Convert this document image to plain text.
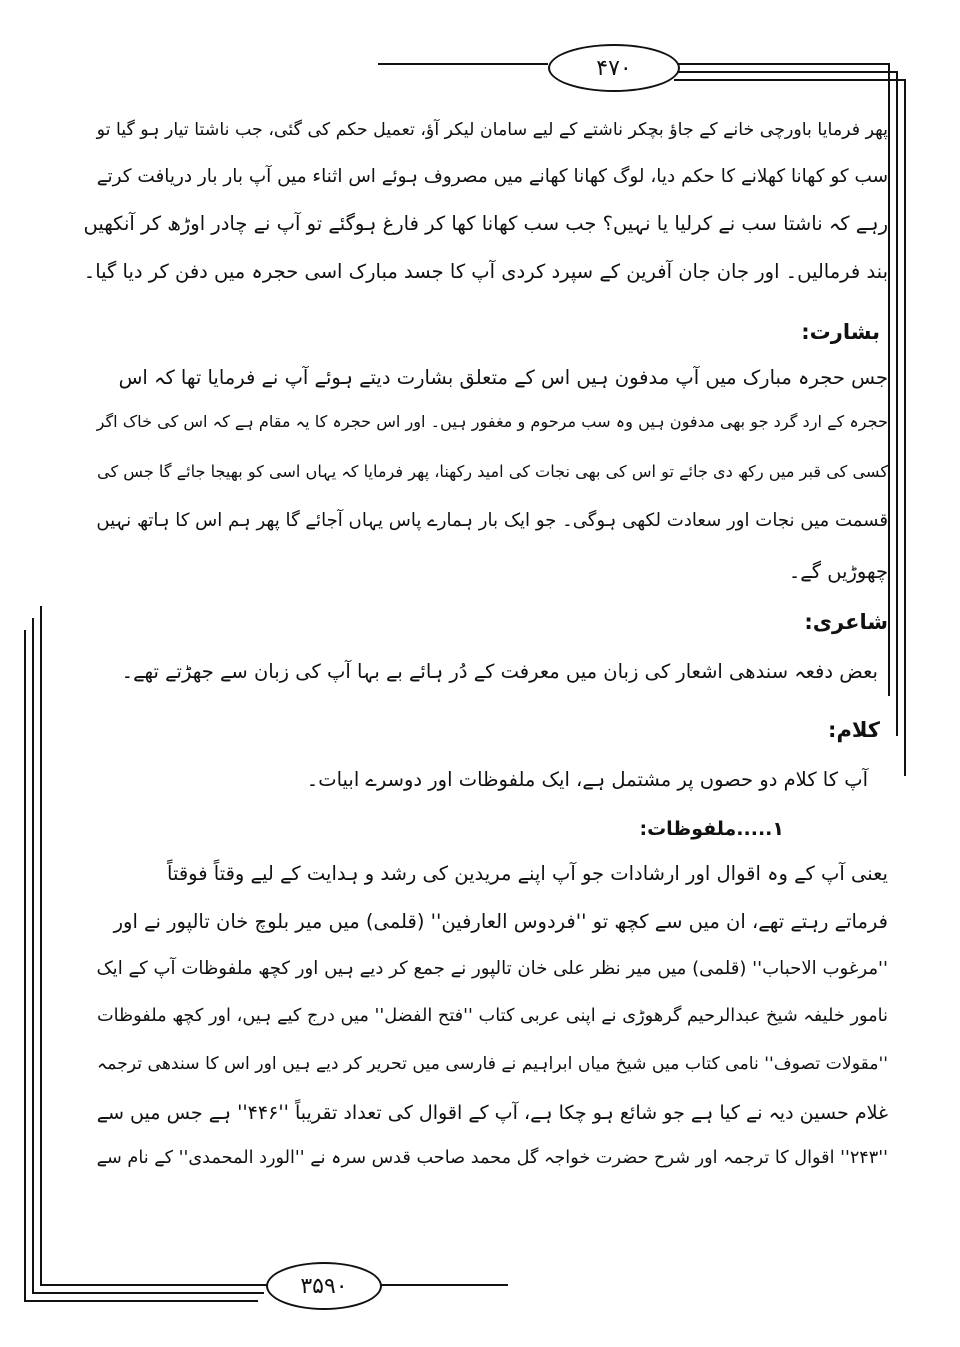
۴۷۰
۳۵۹۰
پھر فرمایا باورچی خانے کے جاؤ بچکر ناشتے کے لیے سامان لیکر آؤ، تعمیل حکم کی گئی، جب ناشتا تیار ہو گیا تو
سب کو کھانا کھلانے کا حکم دیا، لوگ کھانا کھانے میں مصروف ہوئے اس اثناء میں آپ بار بار دریافت کرتے
رہے کہ ناشتا سب نے کرلیا یا نہیں؟ جب سب کھانا کھا کر فارغ ہوگئے تو آپ نے چادر اوڑھ کر آنکھیں
بند فرمالیں۔ اور جان جان آفرین کے سپرد کردی آپ کا جسد مبارک اسی حجرہ میں دفن کر دیا گیا۔
بشارت:
جس حجرہ مبارک میں آپ مدفون ہیں اس کے متعلق بشارت دیتے ہوئے آپ نے فرمایا تھا کہ اس
حجرہ کے ارد گرد جو بھی مدفون ہیں وہ سب مرحوم و مغفور ہیں۔ اور اس حجرہ کا یہ مقام ہے کہ اس کی خاک اگر
کسی کی قبر میں رکھ دی جائے تو اس کی بھی نجات کی امید رکھنا، پھر فرمایا کہ یہاں اسی کو بھیجا جائے گا جس کی
قسمت میں نجات اور سعادت لکھی ہوگی۔ جو ایک بار ہمارے پاس یہاں آجائے گا پھر ہم اس کا ہاتھ نہیں
چھوڑیں گے۔
شاعری:
بعض دفعہ سندھی اشعار کی زبان میں معرفت کے دُر ہائے بے بہا آپ کی زبان سے جھڑتے تھے۔
کلام:
آپ کا کلام دو حصوں پر مشتمل ہے، ایک ملفوظات اور دوسرے ابیات۔
۱.....ملفوظات:
یعنی آپ کے وہ اقوال اور ارشادات جو آپ اپنے مریدین کی رشد و ہدایت کے لیے وقتاً فوقتاً
فرماتے رہتے تھے، ان میں سے کچھ تو ''فردوس العارفین'' (قلمی) میں میر بلوچ خان تالپور نے اور
''مرغوب الاحباب'' (قلمی) میں میر نظر علی خان تالپور نے جمع کر دیے ہیں اور کچھ ملفوظات آپ کے ایک
نامور خلیفہ شیخ عبدالرحیم گرھوڑی نے اپنی عربی کتاب ''فتح الفضل'' میں درج کیے ہیں، اور کچھ ملفوظات
''مقولات تصوف'' نامی کتاب میں شیخ میاں ابراہیم نے فارسی میں تحریر کر دیے ہیں اور اس کا سندھی ترجمہ
غلام حسین دیہ نے کیا ہے جو شائع ہو چکا ہے، آپ کے اقوال کی تعداد تقریباً ''۴۴۶'' ہے جس میں سے
''۲۴۳'' اقوال کا ترجمہ اور شرح حضرت خواجہ گل محمد صاحب قدس سرہ نے ''الورد المحمدی'' کے نام سے
